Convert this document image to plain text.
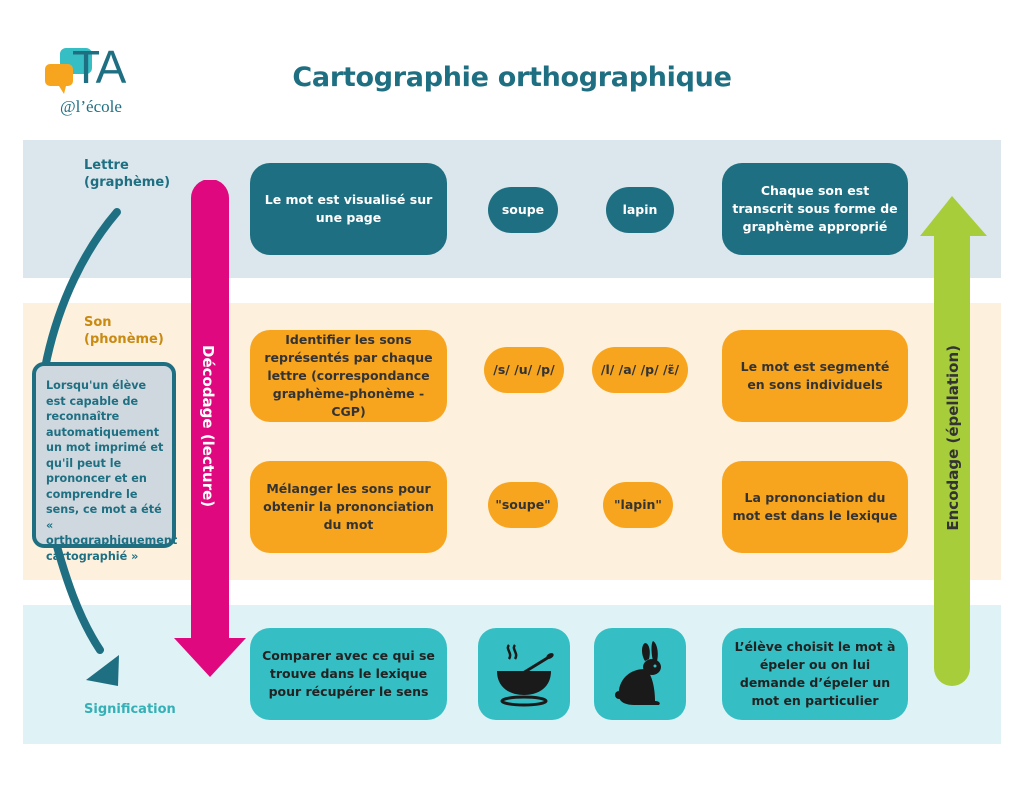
TA
@l’école
Cartographie orthographique
Lettre
(graphème)
Son
(phonème)
Signification
Lorsqu'un élève est capable de reconnaître automatiquement un mot imprimé et qu'il peut le prononcer et en comprendre le sens, ce mot a été « orthographiquement cartographié »
Décodage (lecture)	Encodage (épellation)
Le mot est visualisé sur une page
Identifier les sons représentés par chaque lettre (correspondance graphème-phonème - CGP)
Mélanger les sons pour obtenir la prononciation du mot
Comparer avec ce qui se trouve dans le lexique pour récupérer le sens
soupe
/s/ /u/ /p/
"soupe"
lapin
/l/ /a/ /p/ /ɛ̃/
"lapin"
Chaque son est transcrit sous forme de graphème approprié
Le mot est segmenté en sons individuels
La prononciation du mot est dans le lexique
L’élève choisit le mot à épeler ou on lui demande d’épeler un mot en particulier
